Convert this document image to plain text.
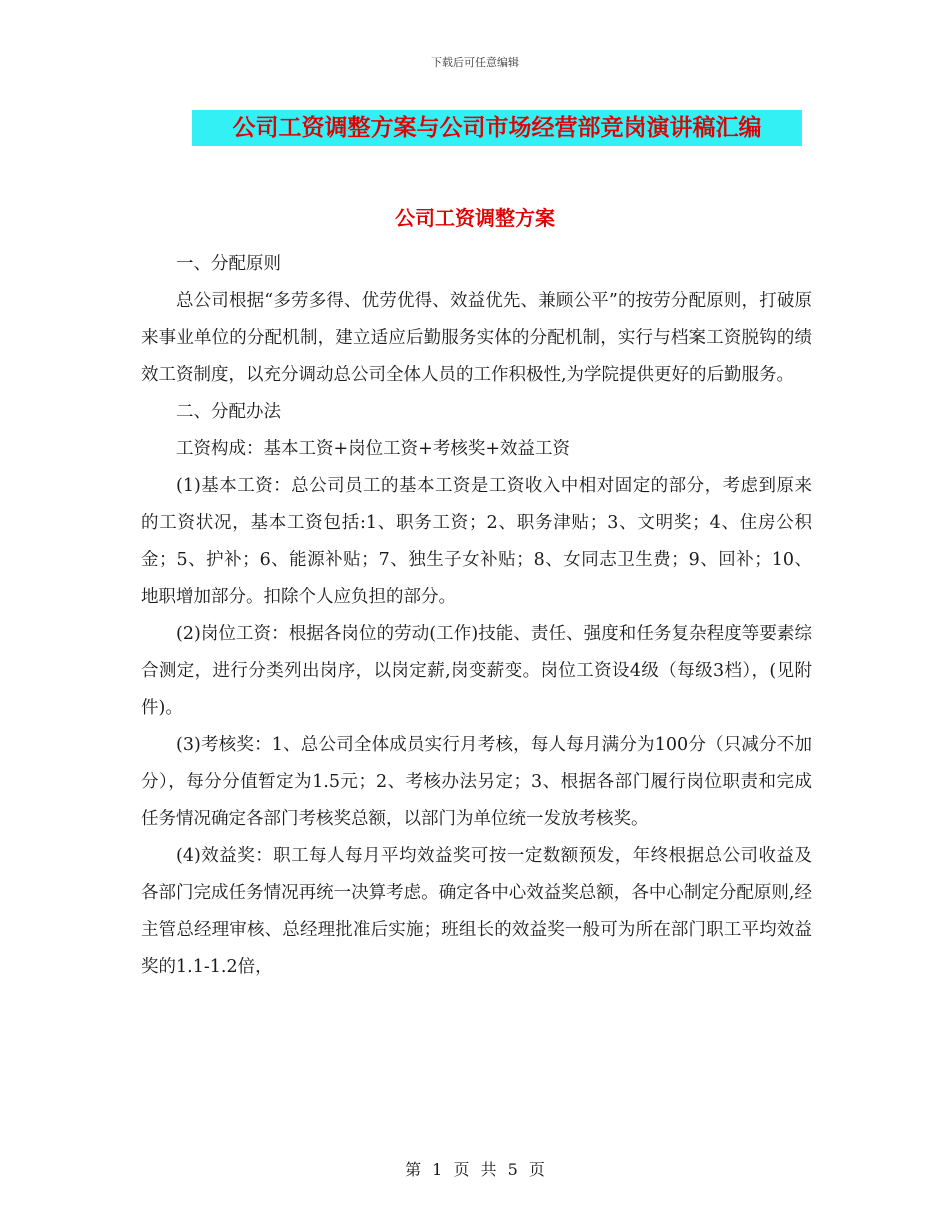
下载后可任意编辑
公司工资调整方案与公司市场经营部竞岗演讲稿汇编
公司工资调整方案

一、分配原则

总公司根据“多劳多得、优劳优得、效益优先、兼顾公平”的按劳分配原则，打破原来事业单位的分配机制，建立适应后勤服务实体的分配机制，实行与档案工资脱钩的绩效工资制度，以充分调动总公司全体人员的工作积极性,为学院提供更好的后勤服务。

二、分配办法

工资构成：基本工资+岗位工资+考核奖+效益工资

(1)基本工资：总公司员工的基本工资是工资收入中相对固定的部分，考虑到原来的工资状况，基本工资包括:1、职务工资；2、职务津贴；3、文明奖；4、住房公积金；5、护补；6、能源补贴；7、独生子女补贴；8、女同志卫生费；9、回补；10、地职增加部分。扣除个人应负担的部分。

(2)岗位工资：根据各岗位的劳动(工作)技能、责任、强度和任务复杂程度等要素综合测定，进行分类列出岗序，以岗定薪,岗变薪变。岗位工资设4级（每级3档），(见附件)。

(3)考核奖：1、总公司全体成员实行月考核，每人每月满分为100分（只减分不加分），每分分值暂定为1.5元；2、考核办法另定；3、根据各部门履行岗位职责和完成任务情况确定各部门考核奖总额，以部门为单位统一发放考核奖。

(4)效益奖：职工每人每月平均效益奖可按一定数额预发，年终根据总公司收益及各部门完成任务情况再统一决算考虑。确定各中心效益奖总额，各中心制定分配原则,经主管总经理审核、总经理批准后实施；班组长的效益奖一般可为所在部门职工平均效益奖的1.1-1.2倍，

第 1 页 共 5 页
